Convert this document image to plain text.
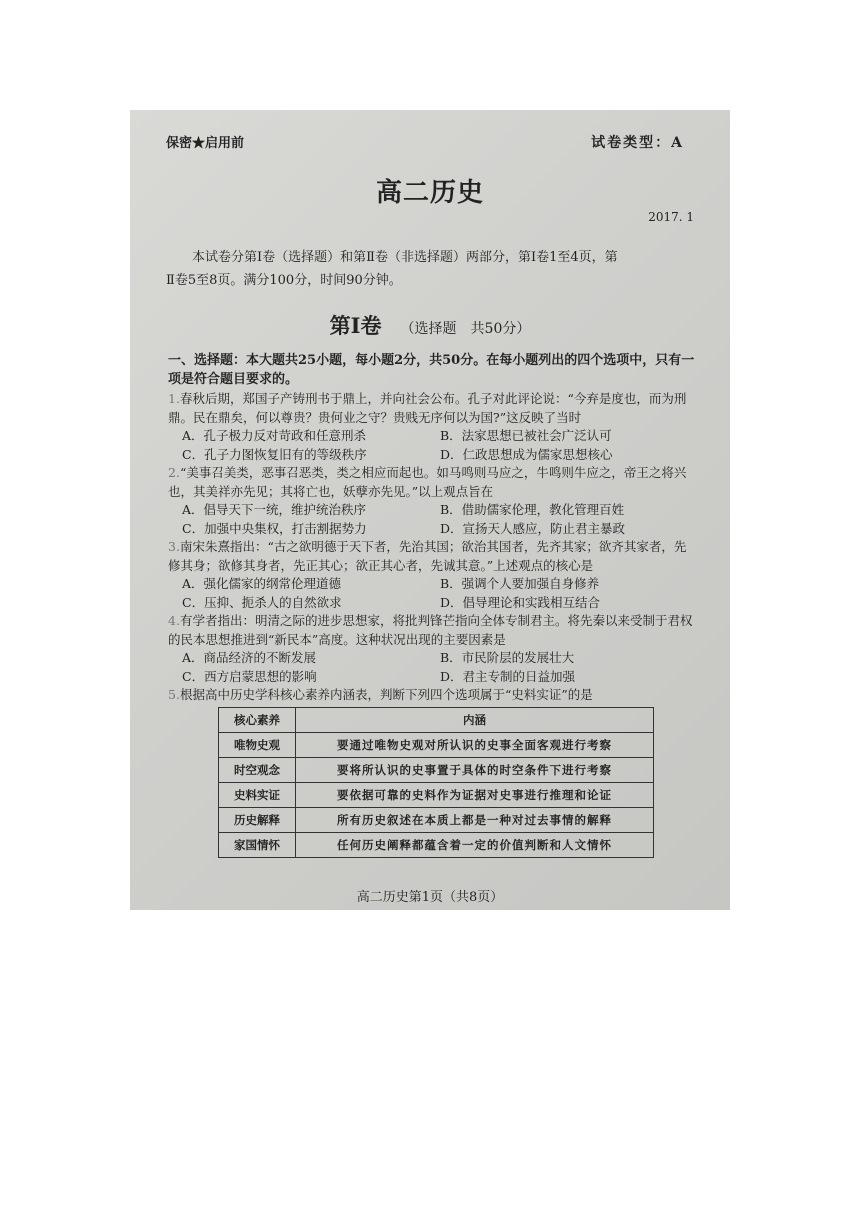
保密★启用前	试卷类型：A
高二历史
2017. 1

本试卷分第Ⅰ卷（选择题）和第Ⅱ卷（非选择题）两部分，第Ⅰ卷1至4页，第

Ⅱ卷5至8页。满分100分，时间90分钟。

第Ⅰ卷 （选择题　共50分）
一、选择题：本大题共25小题，每小题2分，共50分。在每小题列出的四个选项中，只有一项是符合题目要求的。

1.春秋后期，郑国子产铸刑书于鼎上，并向社会公布。孔子对此评论说：“今弃是度也，而为刑鼎。民在鼎矣，何以尊贵？贵何业之守？贵贱无序何以为国?”这反映了当时

A．孔子极力反对苛政和任意刑杀	B．法家思想已被社会广泛认可
C．孔子力图恢复旧有的等级秩序	D．仁政思想成为儒家思想核心

2.“美事召美类，恶事召恶类，类之相应而起也。如马鸣则马应之，牛鸣则牛应之，帝王之将兴也，其美祥亦先见；其将亡也，妖孽亦先见。”以上观点旨在

A．倡导天下一统，维护统治秩序	B．借助儒家伦理，教化管理百姓
C．加强中央集权，打击割据势力	D．宣扬天人感应，防止君主暴政

3.南宋朱熹指出：“古之欲明德于天下者，先治其国；欲治其国者，先齐其家；欲齐其家者，先修其身；欲修其身者，先正其心；欲正其心者，先诚其意。”上述观点的核心是

A．强化儒家的纲常伦理道德	B．强调个人要加强自身修养
C．压抑、扼杀人的自然欲求	D．倡导理论和实践相互结合

4.有学者指出：明清之际的进步思想家，将批判锋芒指向全体专制君主。将先秦以来受制于君权的民本思想推进到“新民本”高度。这种状况出现的主要因素是

A．商品经济的不断发展	B．市民阶层的发展壮大
C．西方启蒙思想的影响	D．君主专制的日益加强

5.根据高中历史学科核心素养内涵表，判断下列四个选项属于“史料实证”的是

核心素养	内涵
唯物史观	要通过唯物史观对所认识的史事全面客观进行考察
时空观念	要将所认识的史事置于具体的时空条件下进行考察
史料实证	要依据可靠的史料作为证据对史事进行推理和论证
历史解释	所有历史叙述在本质上都是一种对过去事情的解释
家国情怀	任何历史阐释都蕴含着一定的价值判断和人文情怀
高二历史第1页（共8页）
